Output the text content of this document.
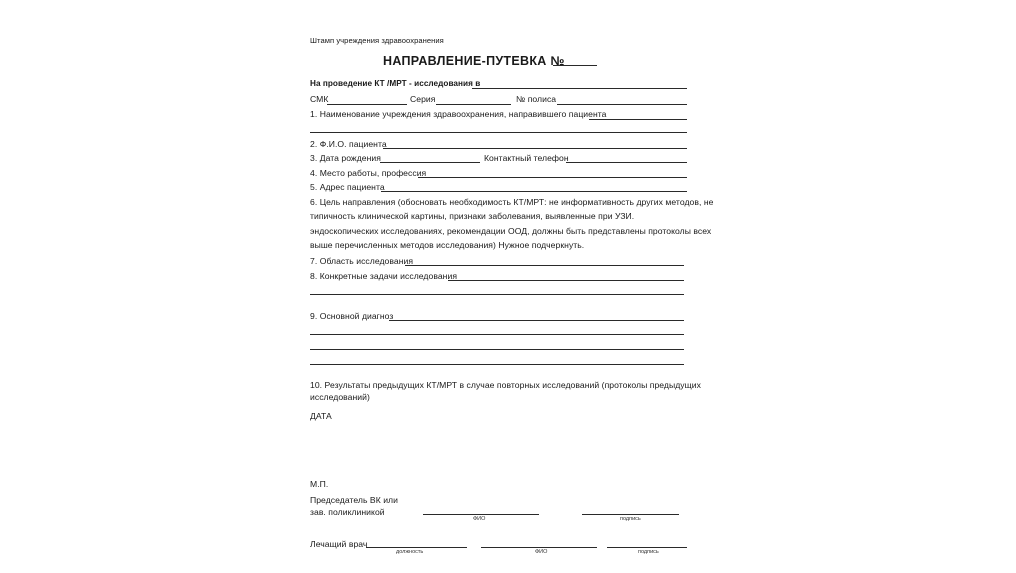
Штамп учреждения здравоохранения
НАПРАВЛЕНИЕ-ПУТЕВКА №
На проведение КТ /МРТ - исследования в
СМК	Серия	№ полиса
1. Наименование учреждения здравоохранения, направившего пациента
2. Ф.И.О. пациента
3. Дата рождения	Контактный телефон
4. Место работы, профессия
5. Адрес пациента
6. Цель направления (обосновать необходимость КТ/МРТ: не информативность других методов, не
типичность клинической картины, признаки заболевания, выявленные при УЗИ.
эндоскопических исследованиях, рекомендации ООД, должны быть представлены протоколы всех
выше перечисленных методов исследования) Нужное подчеркнуть.
7. Область исследования
8. Конкретные задачи исследования
9. Основной диагноз
10. Результаты предыдущих КТ/МРТ в случае повторных исследований (протоколы предыдущих
исследований)
ДАТА
М.П.
Председатель ВК или
зав. поликлиникой
ФИО	подпись
Лечащий врач
должность	ФИО	подпись
